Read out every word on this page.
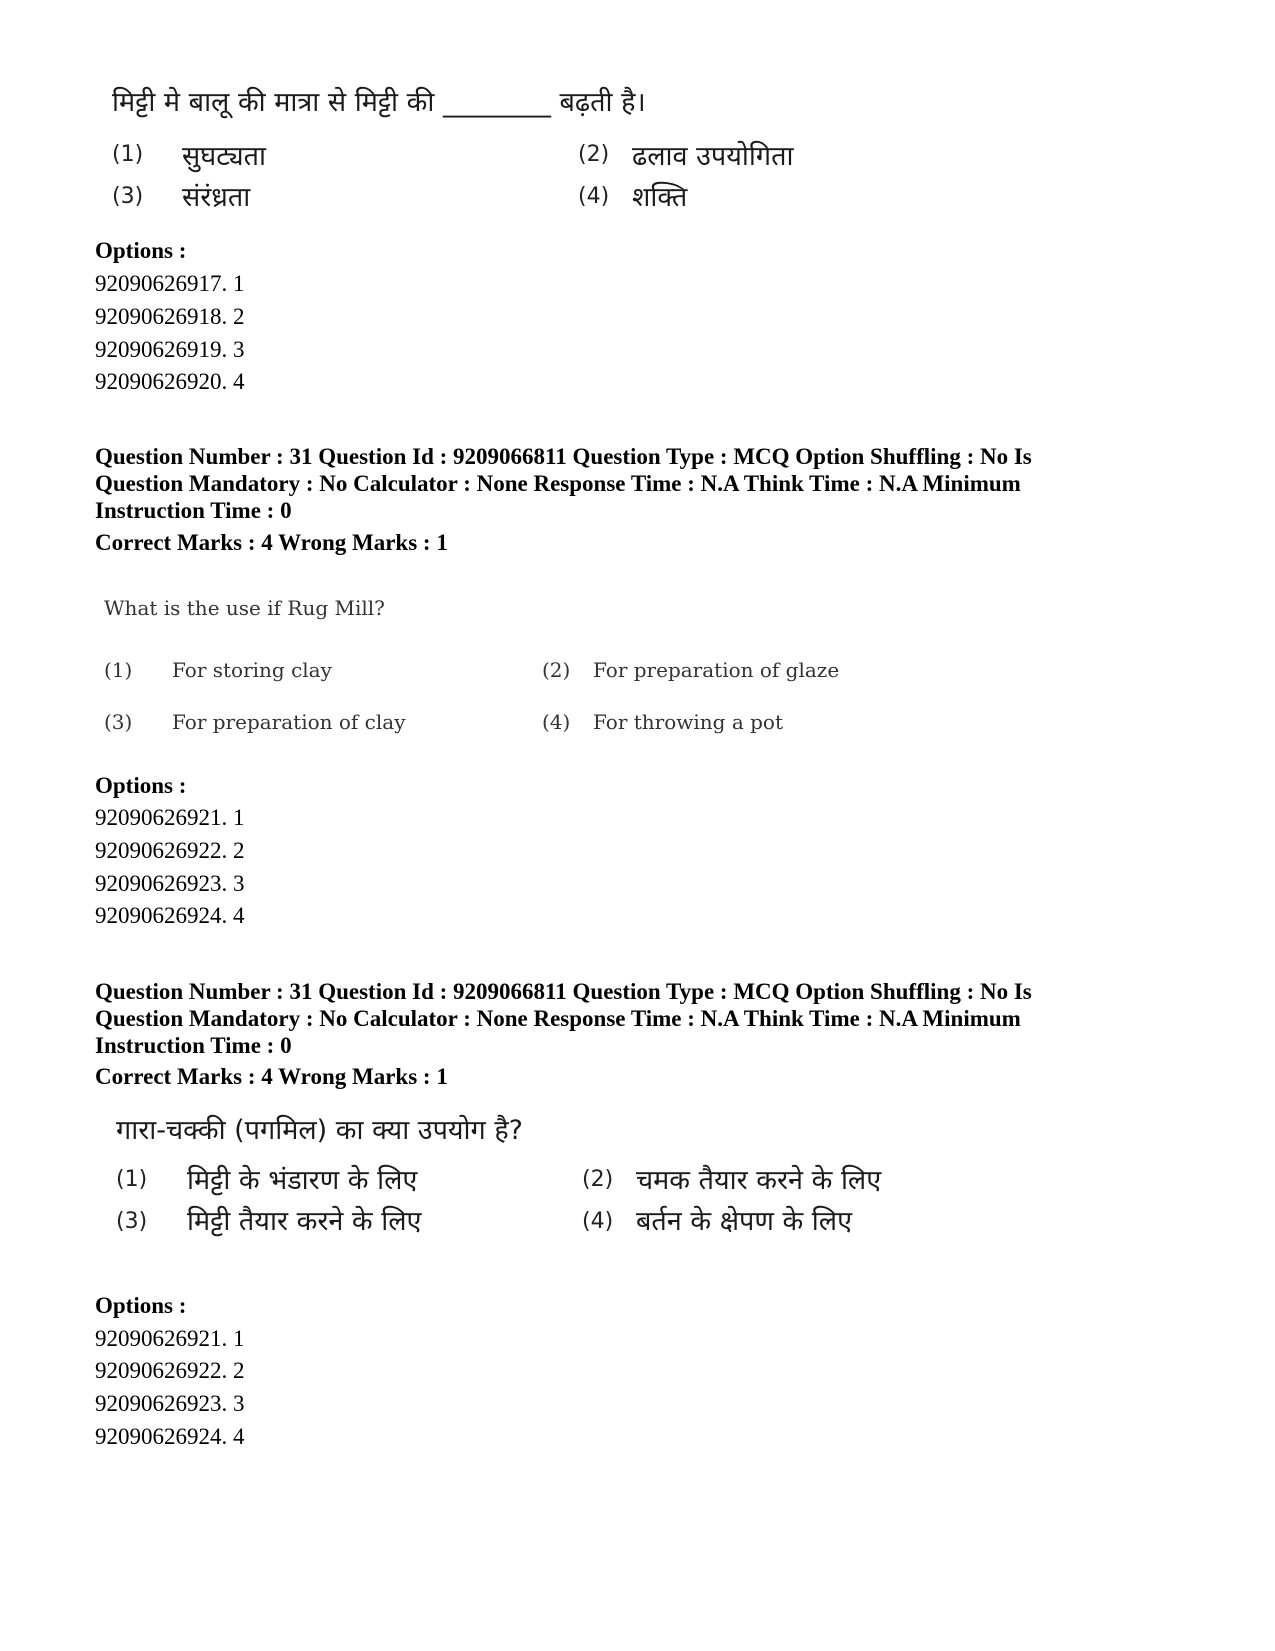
मिट्टी मे बालू की मात्रा से मिट्टी की ________ बढ़ती है।
(1) सुघट्यता	(2) ढलाव उपयोगिता
(3) संरंध्रता	(4) शक्ति
Options :
92090626917. 1
92090626918. 2
92090626919. 3
92090626920. 4
Question Number : 31 Question Id : 9209066811 Question Type : MCQ Option Shuffling : No Is
Question Mandatory : No Calculator : None Response Time : N.A Think Time : N.A Minimum
Instruction Time : 0
Correct Marks : 4 Wrong Marks : 1
What is the use if Rug Mill?
(1) For storing clay	(2) For preparation of glaze
(3) For preparation of clay	(4) For throwing a pot
Options :
92090626921. 1
92090626922. 2
92090626923. 3
92090626924. 4
Question Number : 31 Question Id : 9209066811 Question Type : MCQ Option Shuffling : No Is
Question Mandatory : No Calculator : None Response Time : N.A Think Time : N.A Minimum
Instruction Time : 0
Correct Marks : 4 Wrong Marks : 1
गारा-चक्की (पगमिल) का क्या उपयोग है?
(1) मिट्टी के भंडारण के लिए	(2) चमक तैयार करने के लिए
(3) मिट्टी तैयार करने के लिए	(4) बर्तन के क्षेपण के लिए
Options :
92090626921. 1
92090626922. 2
92090626923. 3
92090626924. 4
